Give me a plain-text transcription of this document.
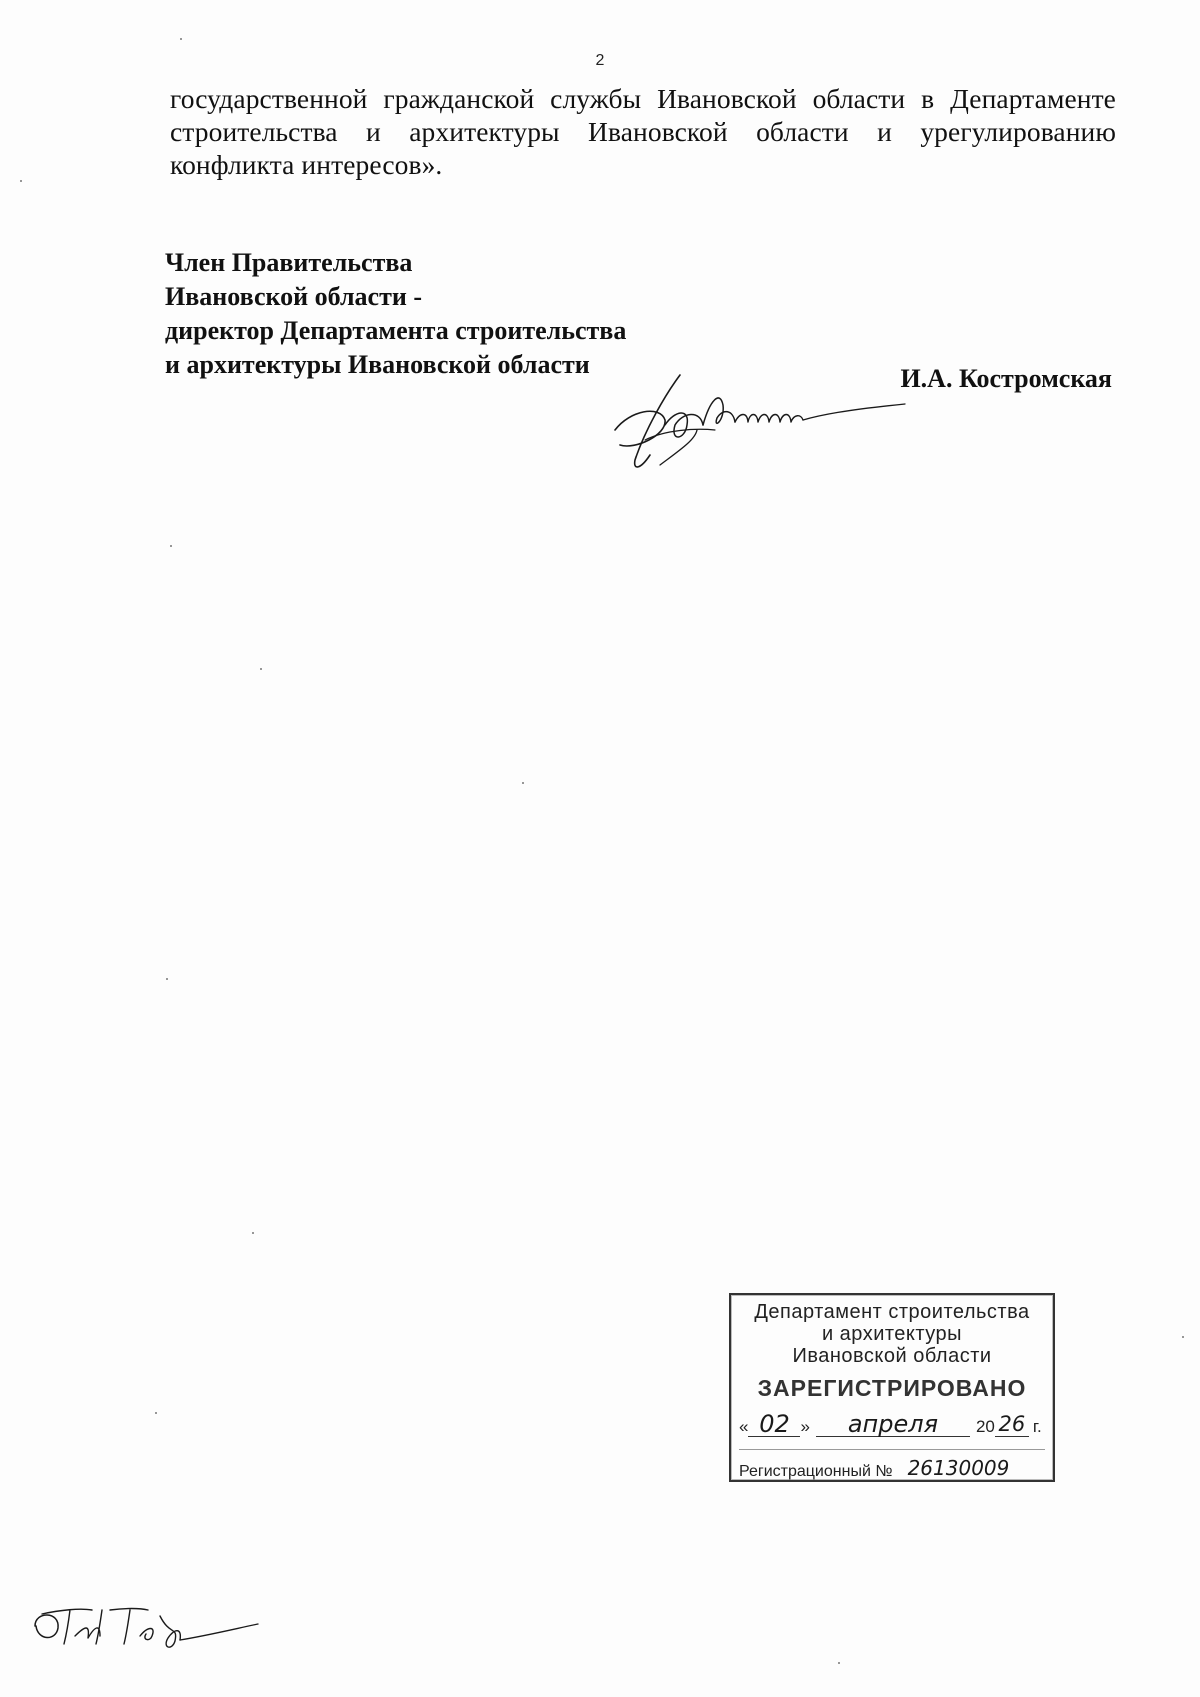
2
государственной гражданской службы Ивановской области в Департаменте строительства и архитектуры Ивановской области и урегулированию конфликта интересов».
Член Правительства
Ивановской области -
директор Департамента строительства
и архитектуры Ивановской области	И.А. Костромская
Департамент строительства
и архитектуры
Ивановской области
ЗАРЕГИСТРИРОВАНО
« 02 »	апреля	20 26 г.
Регистрационный № 26130009
